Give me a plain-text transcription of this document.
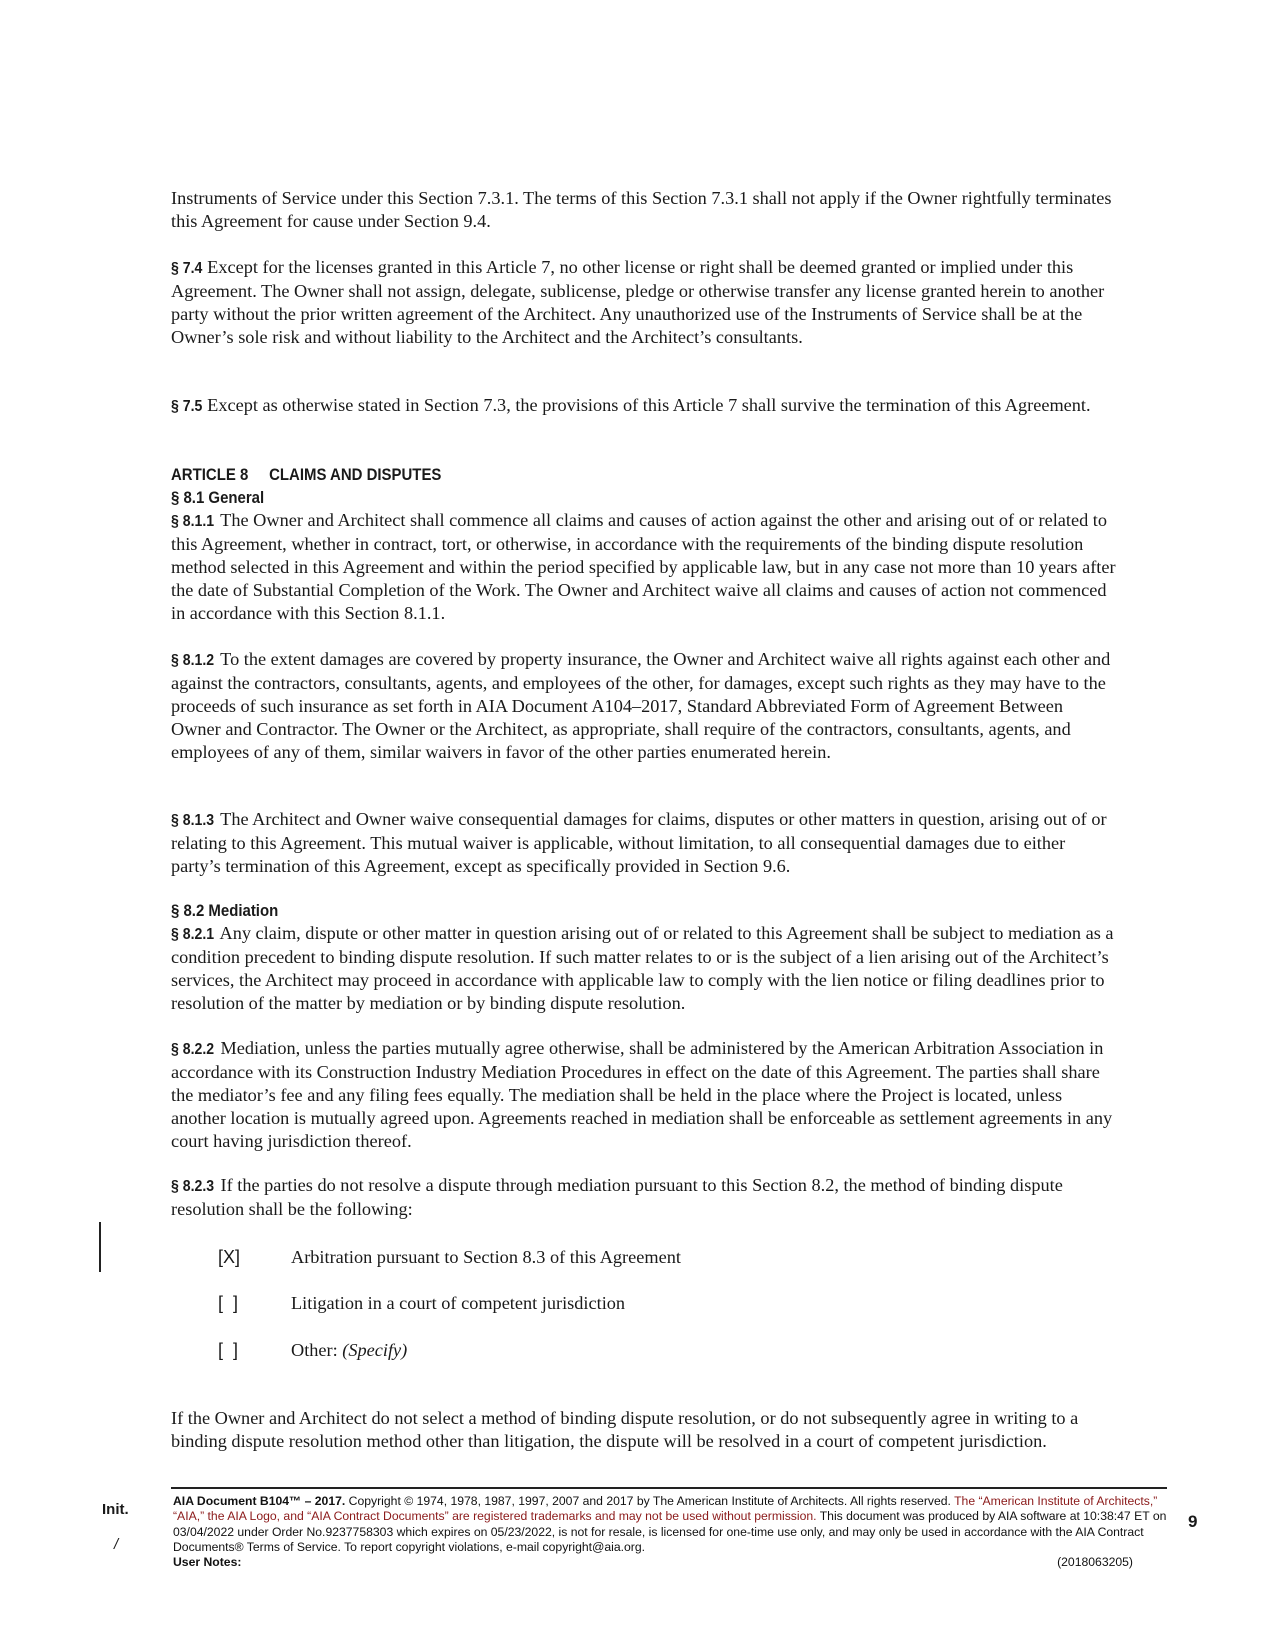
Instruments of Service under this Section 7.3.1. The terms of this Section 7.3.1 shall not apply if the Owner rightfully terminates this Agreement for cause under Section 9.4.
§ 7.4 Except for the licenses granted in this Article 7, no other license or right shall be deemed granted or implied under this Agreement. The Owner shall not assign, delegate, sublicense, pledge or otherwise transfer any license granted herein to another party without the prior written agreement of the Architect. Any unauthorized use of the Instruments of Service shall be at the Owner’s sole risk and without liability to the Architect and the Architect’s consultants.
§ 7.5 Except as otherwise stated in Section 7.3, the provisions of this Article 7 shall survive the termination of this Agreement.
ARTICLE 8     CLAIMS AND DISPUTES
§ 8.1 General
§ 8.1.1 The Owner and Architect shall commence all claims and causes of action against the other and arising out of or related to this Agreement, whether in contract, tort, or otherwise, in accordance with the requirements of the binding dispute resolution method selected in this Agreement and within the period specified by applicable law, but in any case not more than 10 years after the date of Substantial Completion of the Work. The Owner and Architect waive all claims and causes of action not commenced in accordance with this Section 8.1.1.
§ 8.1.2 To the extent damages are covered by property insurance, the Owner and Architect waive all rights against each other and against the contractors, consultants, agents, and employees of the other, for damages, except such rights as they may have to the proceeds of such insurance as set forth in AIA Document A104–2017, Standard Abbreviated Form of Agreement Between Owner and Contractor. The Owner or the Architect, as appropriate, shall require of the contractors, consultants, agents, and employees of any of them, similar waivers in favor of the other parties enumerated herein.
§ 8.1.3 The Architect and Owner waive consequential damages for claims, disputes or other matters in question, arising out of or relating to this Agreement. This mutual waiver is applicable, without limitation, to all consequential damages due to either party’s termination of this Agreement, except as specifically provided in Section 9.6.
§ 8.2 Mediation
§ 8.2.1 Any claim, dispute or other matter in question arising out of or related to this Agreement shall be subject to mediation as a condition precedent to binding dispute resolution. If such matter relates to or is the subject of a lien arising out of the Architect’s services, the Architect may proceed in accordance with applicable law to comply with the lien notice or filing deadlines prior to resolution of the matter by mediation or by binding dispute resolution.
§ 8.2.2 Mediation, unless the parties mutually agree otherwise, shall be administered by the American Arbitration Association in accordance with its Construction Industry Mediation Procedures in effect on the date of this Agreement. The parties shall share the mediator’s fee and any filing fees equally. The mediation shall be held in the place where the Project is located, unless another location is mutually agreed upon. Agreements reached in mediation shall be enforceable as settlement agreements in any court having jurisdiction thereof.
§ 8.2.3 If the parties do not resolve a dispute through mediation pursuant to this Section 8.2, the method of binding dispute resolution shall be the following:
[X]	Arbitration pursuant to Section 8.3 of this Agreement
[  ]	Litigation in a court of competent jurisdiction
[  ]	Other: (Specify)
If the Owner and Architect do not select a method of binding dispute resolution, or do not subsequently agree in writing to a binding dispute resolution method other than litigation, the dispute will be resolved in a court of competent jurisdiction.
Init.
/
9
AIA Document B104™ – 2017. Copyright © 1974, 1978, 1987, 1997, 2007 and 2017 by The American Institute of Architects. All rights reserved. The “American Institute of Architects,” “AIA,” the AIA Logo, and “AIA Contract Documents” are registered trademarks and may not be used without permission. This document was produced by AIA software at 10:38:47 ET on 03/04/2022 under Order No.9237758303 which expires on 05/23/2022, is not for resale, is licensed for one-time use only, and may only be used in accordance with the AIA Contract Documents® Terms of Service. To report copyright violations, e-mail copyright@aia.org.

User Notes:	(2018063205)
